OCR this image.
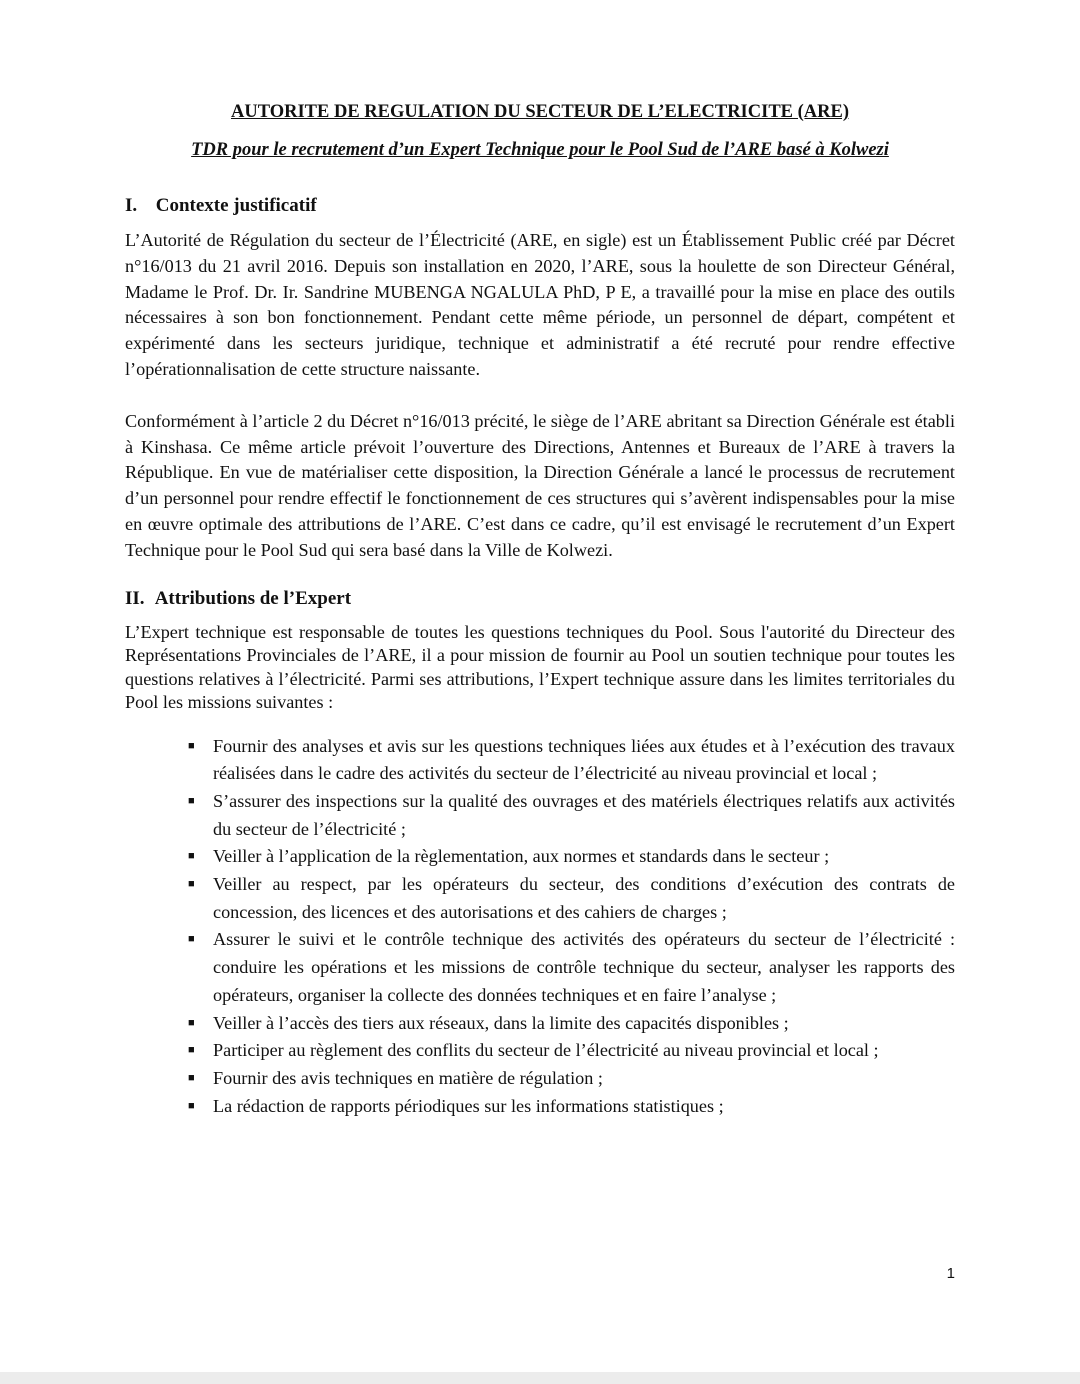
AUTORITE DE REGULATION DU SECTEUR DE L’ELECTRICITE (ARE)
TDR pour le recrutement d’un Expert Technique pour le Pool Sud de l’ARE basé à Kolwezi
I. Contexte justificatif

L’Autorité de Régulation du secteur de l’Électricité (ARE, en sigle) est un Établissement Public créé par Décret n°16/013 du 21 avril 2016. Depuis son installation en 2020, l’ARE, sous la houlette de son Directeur Général, Madame le Prof. Dr. Ir. Sandrine MUBENGA NGALULA PhD, P E, a travaillé pour la mise en place des outils nécessaires à son bon fonctionnement. Pendant cette même période, un personnel de départ, compétent et expérimenté dans les secteurs juridique, technique et administratif a été recruté pour rendre effective l’opérationnalisation de cette structure naissante.

Conformément à l’article 2 du Décret n°16/013 précité, le siège de l’ARE abritant sa Direction Générale est établi à Kinshasa. Ce même article prévoit l’ouverture des Directions, Antennes et Bureaux de l’ARE à travers la République. En vue de matérialiser cette disposition, la Direction Générale a lancé le processus de recrutement d’un personnel pour rendre effectif le fonctionnement de ces structures qui s’avèrent indispensables pour la mise en œuvre optimale des attributions de l’ARE. C’est dans ce cadre, qu’il est envisagé le recrutement d’un Expert Technique pour le Pool Sud qui sera basé dans la Ville de Kolwezi.

II. Attributions de l’Expert

L’Expert technique est responsable de toutes les questions techniques du Pool. Sous l'autorité du Directeur des Représentations Provinciales de l’ARE, il a pour mission de fournir au Pool un soutien technique pour toutes les questions relatives à l’électricité. Parmi ses attributions, l’Expert technique assure dans les limites territoriales du Pool les missions suivantes :

■ Fournir des analyses et avis sur les questions techniques liées aux études et à l’exécution des travaux réalisées dans le cadre des activités du secteur de l’électricité au niveau provincial et local ;
■ S’assurer des inspections sur la qualité des ouvrages et des matériels électriques relatifs aux activités du secteur de l’électricité ;
■ Veiller à l’application de la règlementation, aux normes et standards dans le secteur ;
■ Veiller au respect, par les opérateurs du secteur, des conditions d’exécution des contrats de concession, des licences et des autorisations et des cahiers de charges ;
■ Assurer le suivi et le contrôle technique des activités des opérateurs du secteur de l’électricité : conduire les opérations et les missions de contrôle technique du secteur, analyser les rapports des opérateurs, organiser la collecte des données techniques et en faire l’analyse ;
■ Veiller à l’accès des tiers aux réseaux, dans la limite des capacités disponibles ;
■ Participer au règlement des conflits du secteur de l’électricité au niveau provincial et local ;
■ Fournir des avis techniques en matière de régulation ;
■ La rédaction de rapports périodiques sur les informations statistiques ;
1
